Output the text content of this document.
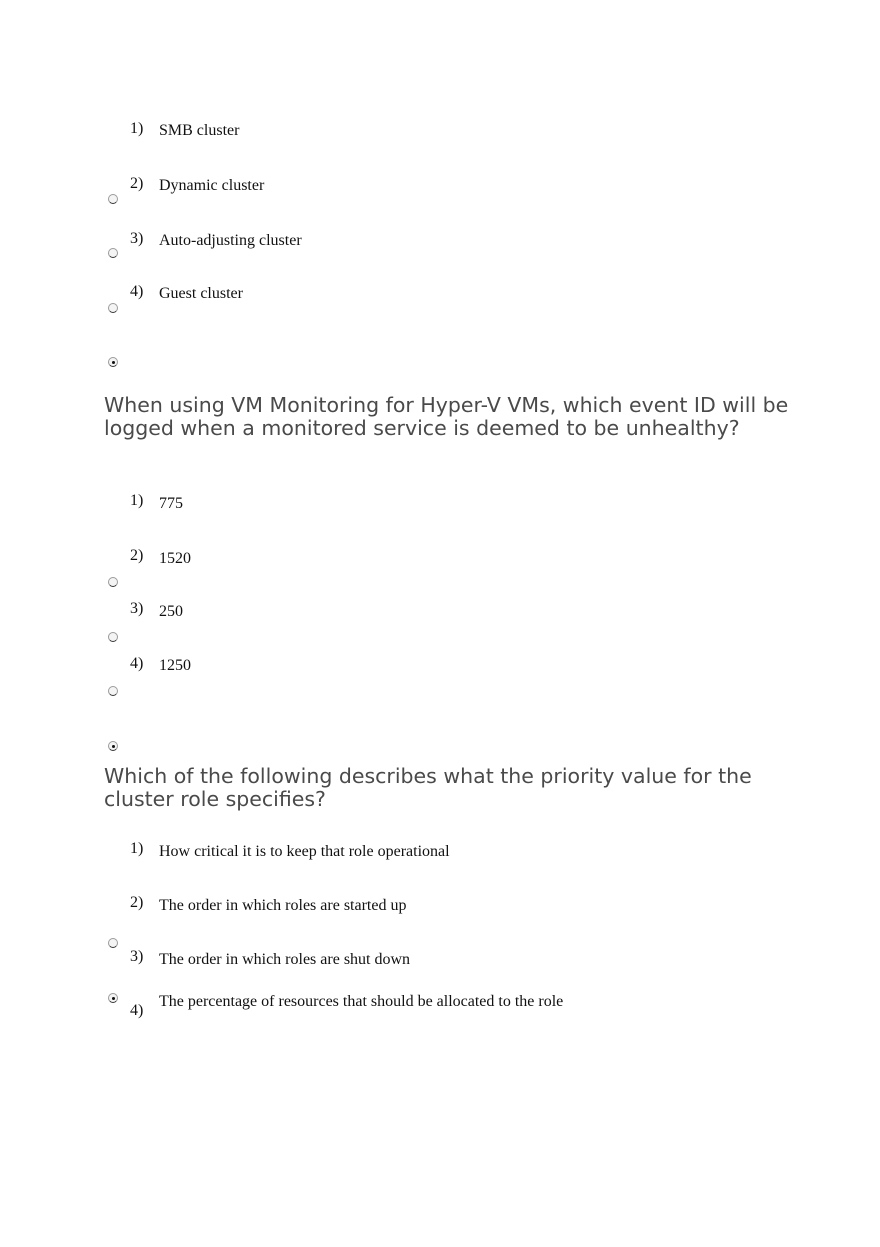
1) SMB cluster
2) Dynamic cluster
3) Auto-adjusting cluster
4) Guest cluster
When using VM Monitoring for Hyper-V VMs, which event ID will be logged when a monitored service is deemed to be unhealthy?
1) 775
2) 1520
3) 250
4) 1250
Which of the following describes what the priority value for the cluster role specifies?
1) How critical it is to keep that role operational
2) The order in which roles are started up
3) The order in which roles are shut down
4)
The percentage of resources that should be allocated to the role
